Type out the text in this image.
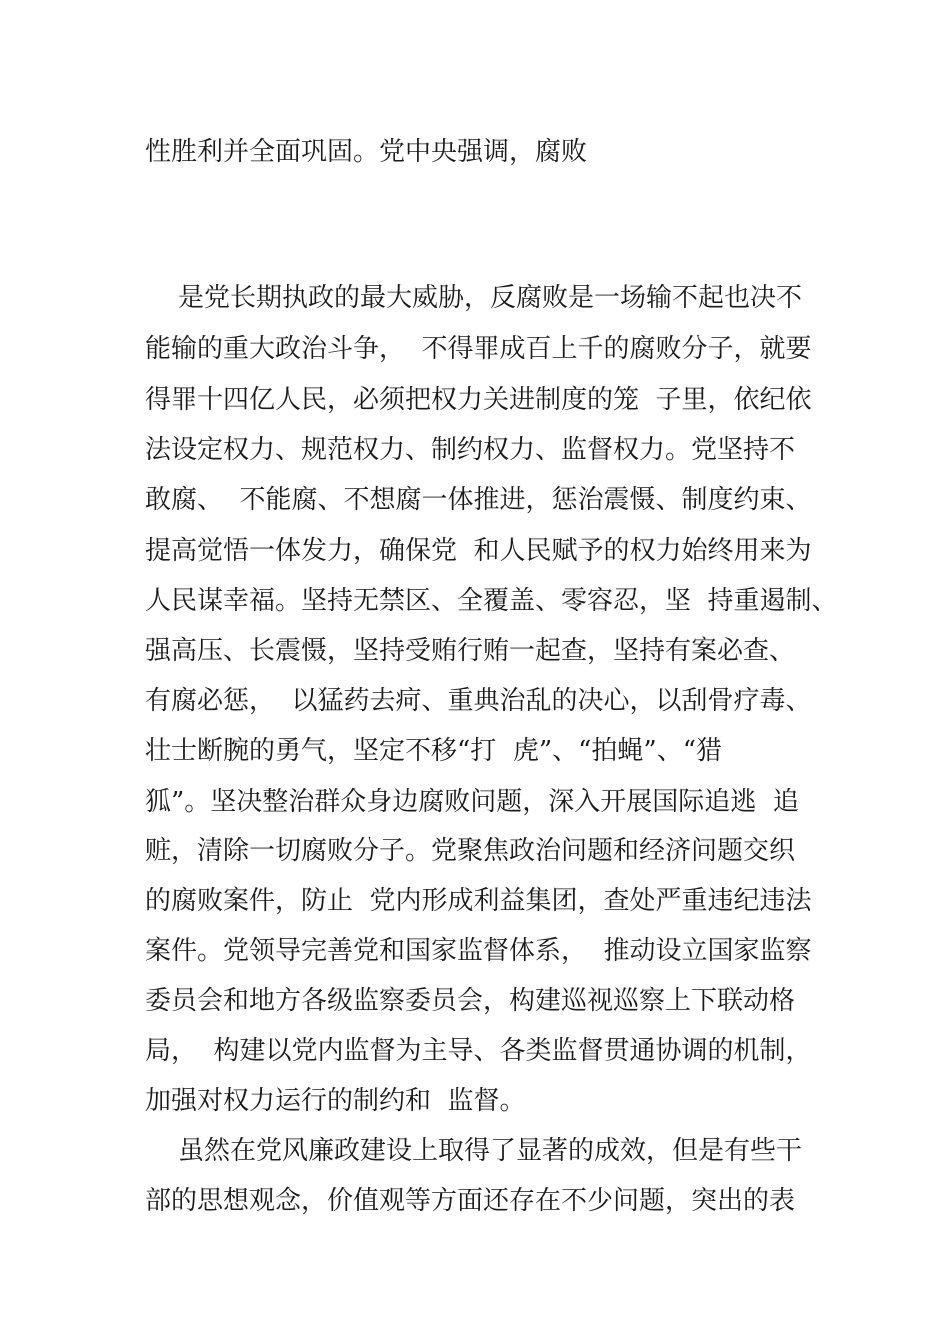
性胜利并全面巩固。党中央强调，腐败

是党长期执政的最大威胁，反腐败是一场输不起也决不

能输的重大政治斗争，  不得罪成百上千的腐败分子，就要

得罪十四亿人民，必须把权力关进制度的笼  子里，依纪依

法设定权力、规范权力、制约权力、监督权力。党坚持不

敢腐、  不能腐、不想腐一体推进，惩治震慑、制度约束、

提高觉悟一体发力，确保党  和人民赋予的权力始终用来为

人民谋幸福。坚持无禁区、全覆盖、零容忍，坚  持重遏制、

强高压、长震慑，坚持受贿行贿一起查，坚持有案必查、

有腐必惩，  以猛药去疴、重典治乱的决心，以刮骨疗毒、

壮士断腕的勇气，坚定不移“打  虎”、“拍蝇”、“猎

狐”。坚决整治群众身边腐败问题，深入开展国际追逃  追

赃，清除一切腐败分子。党聚焦政治问题和经济问题交织

的腐败案件，防止  党内形成利益集团，查处严重违纪违法

案件。党领导完善党和国家监督体系，  推动设立国家监察

委员会和地方各级监察委员会，构建巡视巡察上下联动格

局，  构建以党内监督为主导、各类监督贯通协调的机制，

加强对权力运行的制约和  监督。

虽然在党风廉政建设上取得了显著的成效，但是有些干

部的思想观念，价值观等方面还存在不少问题，突出的表
